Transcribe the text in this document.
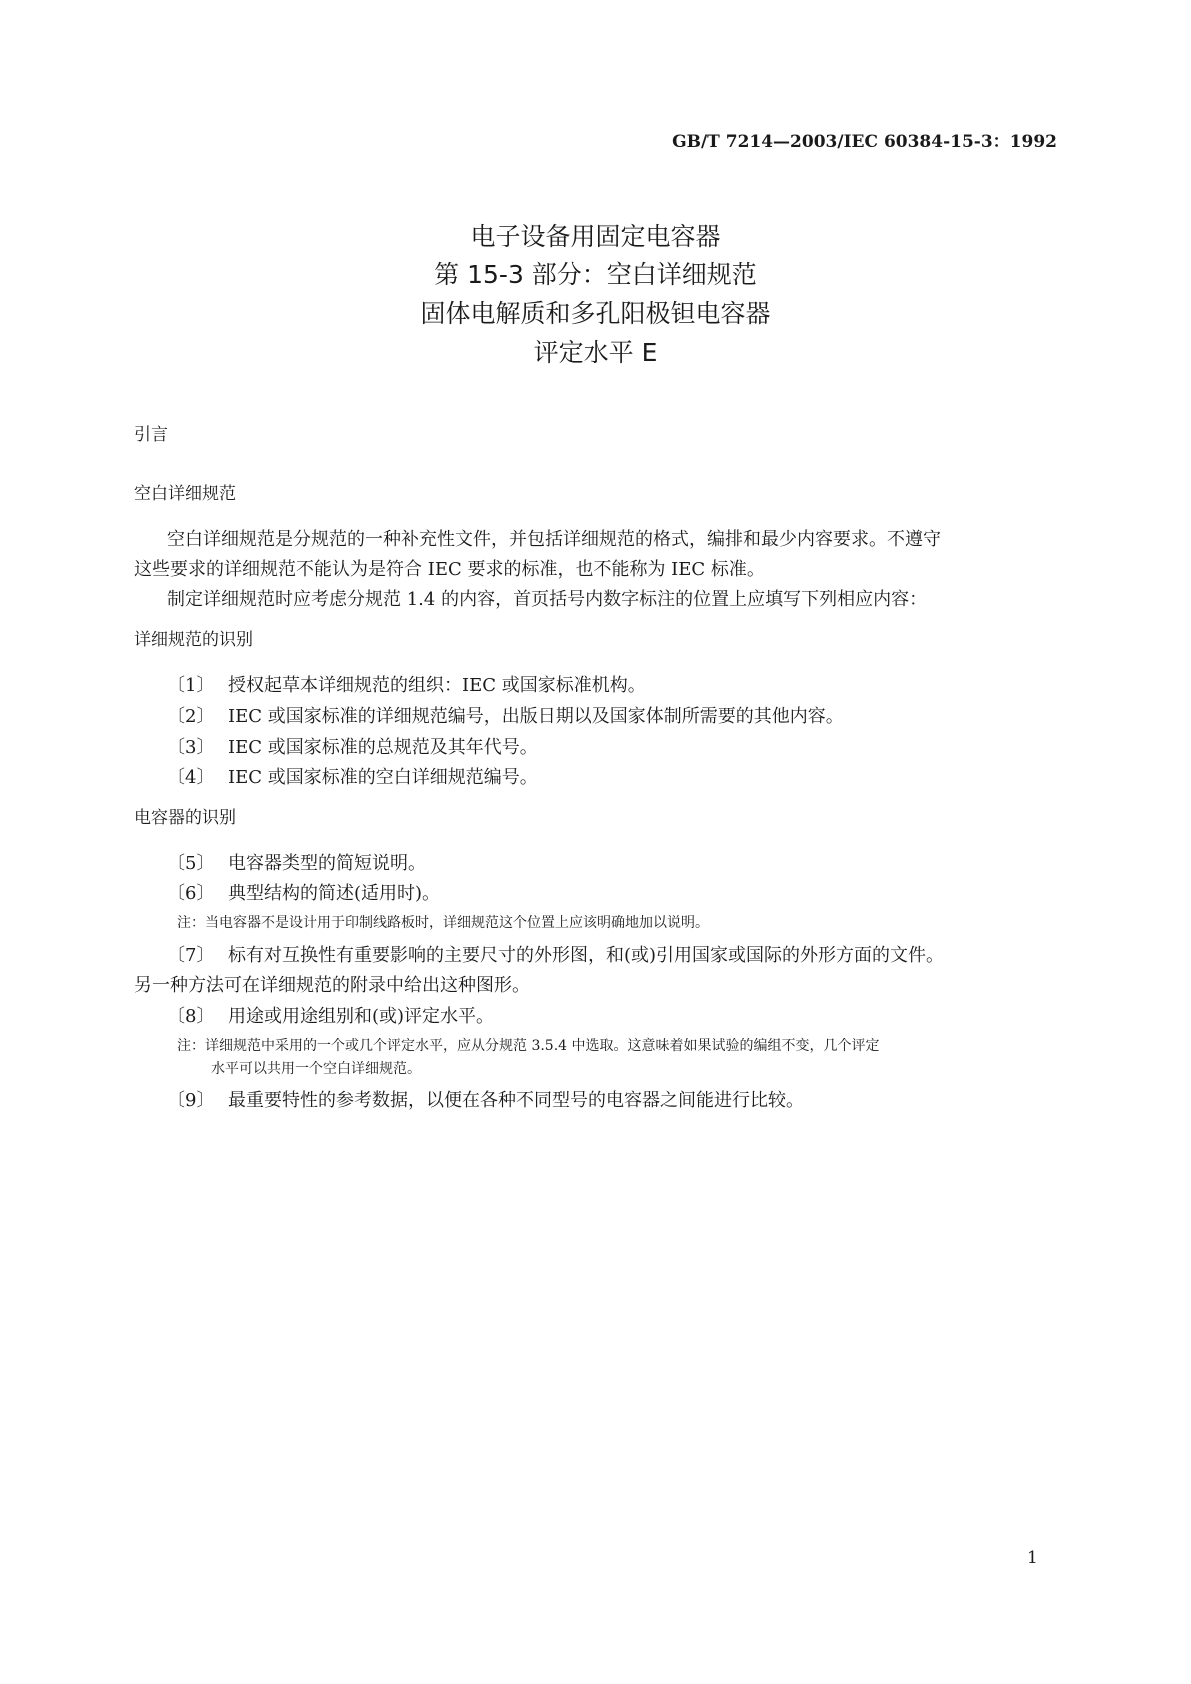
GB/T 7214—2003/IEC 60384-15-3：1992
电子设备用固定电容器
第 15-3 部分：空白详细规范
固体电解质和多孔阳极钽电容器
评定水平 E
引言
空白详细规范
空白详细规范是分规范的一种补充性文件，并包括详细规范的格式，编排和最少内容要求。不遵守
这些要求的详细规范不能认为是符合 IEC 要求的标准，也不能称为 IEC 标准。
制定详细规范时应考虑分规范 1.4 的内容，首页括号内数字标注的位置上应填写下列相应内容：
详细规范的识别
〔1〕 授权起草本详细规范的组织：IEC 或国家标准机构。
〔2〕 IEC 或国家标准的详细规范编号，出版日期以及国家体制所需要的其他内容。
〔3〕 IEC 或国家标准的总规范及其年代号。
〔4〕 IEC 或国家标准的空白详细规范编号。
电容器的识别
〔5〕 电容器类型的简短说明。
〔6〕 典型结构的简述(适用时)。
注：当电容器不是设计用于印制线路板时，详细规范这个位置上应该明确地加以说明。
〔7〕 标有对互换性有重要影响的主要尺寸的外形图，和(或)引用国家或国际的外形方面的文件。
另一种方法可在详细规范的附录中给出这种图形。
〔8〕 用途或用途组别和(或)评定水平。
注：详细规范中采用的一个或几个评定水平，应从分规范 3.5.4 中选取。这意味着如果试验的编组不变，几个评定
水平可以共用一个空白详细规范。
〔9〕 最重要特性的参考数据，以便在各种不同型号的电容器之间能进行比较。
1
